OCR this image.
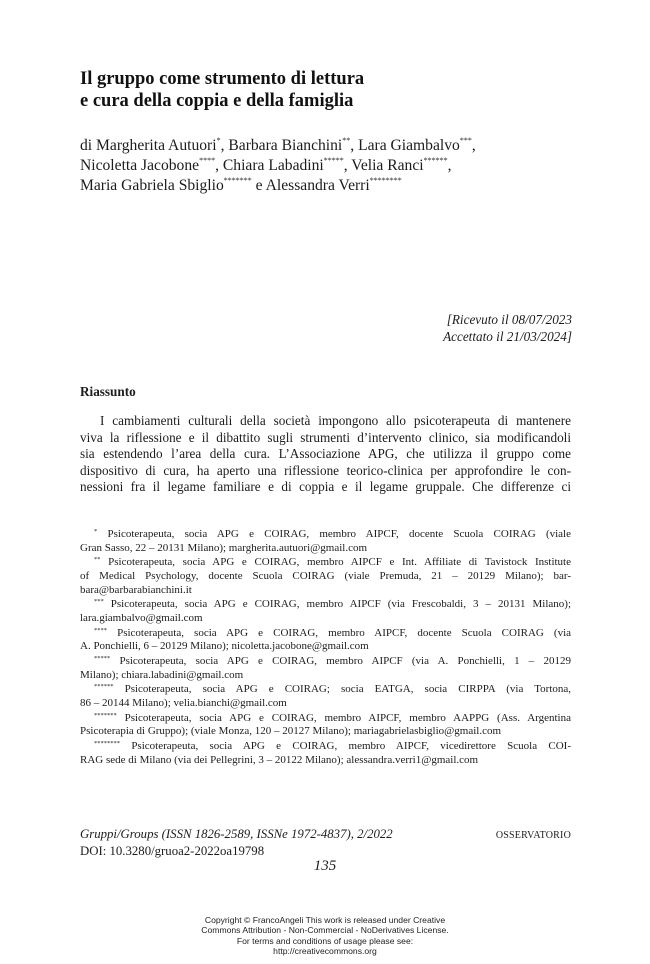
Il gruppo come strumento di lettura
e cura della coppia e della famiglia
di Margherita Autuori*, Barbara Bianchini**, Lara Giambalvo***,
Nicoletta Jacobone****, Chiara Labadini*****, Velia Ranci******,
Maria Gabriela Sbiglio******* e Alessandra Verri********
[Ricevuto il 08/07/2023
Accettato il 21/03/2024]
Riassunto
I cambiamenti culturali della società impongono allo psicoterapeuta di mantenere
viva la riflessione e il dibattito sugli strumenti d’intervento clinico, sia modificandoli
sia estendendo l’area della cura. L’Associazione APG, che utilizza il gruppo come
dispositivo di cura, ha aperto una riflessione teorico-clinica per approfondire le con-
nessioni fra il legame familiare e di coppia e il legame gruppale. Che differenze ci
* Psicoterapeuta, socia APG e COIRAG, membro AIPCF, docente Scuola COIRAG (viale
Gran Sasso, 22 – 20131 Milano); margherita.autuori@gmail.com
** Psicoterapeuta, socia APG e COIRAG, membro AIPCF e Int. Affiliate di Tavistock Institute
of Medical Psychology, docente Scuola COIRAG (viale Premuda, 21 – 20129 Milano); bar-
bara@barbarabianchini.it
*** Psicoterapeuta, socia APG e COIRAG, membro AIPCF (via Frescobaldi, 3 – 20131 Milano);
lara.giambalvo@gmail.com
**** Psicoterapeuta, socia APG e COIRAG, membro AIPCF, docente Scuola COIRAG (via
A. Ponchielli, 6 – 20129 Milano); nicoletta.jacobone@gmail.com
***** Psicoterapeuta, socia APG e COIRAG, membro AIPCF (via A. Ponchielli, 1 – 20129
Milano); chiara.labadini@gmail.com
****** Psicoterapeuta, socia APG e COIRAG; socia EATGA, socia CIRPPA (via Tortona,
86 – 20144 Milano); velia.bianchi@gmail.com
******* Psicoterapeuta, socia APG e COIRAG, membro AIPCF, membro AAPPG (Ass. Argentina
Psicoterapia di Gruppo); (viale Monza, 120 – 20127 Milano); mariagabrielasbiglio@gmail.com
******** Psicoterapeuta, socia APG e COIRAG, membro AIPCF, vicedirettore Scuola COI-
RAG sede di Milano (via dei Pellegrini, 3 – 20122 Milano); alessandra.verri1@gmail.com
Gruppi/Groups (ISSN 1826-2589, ISSNe 1972-4837), 2/2022
DOI: 10.3280/gruoa2-2022oa19798
OSSERVATORIO
135
Copyright © FrancoAngeli This work is released under Creative
Commons Attribution - Non-Commercial - NoDerivatives License.
For terms and conditions of usage please see:
http://creativecommons.org
